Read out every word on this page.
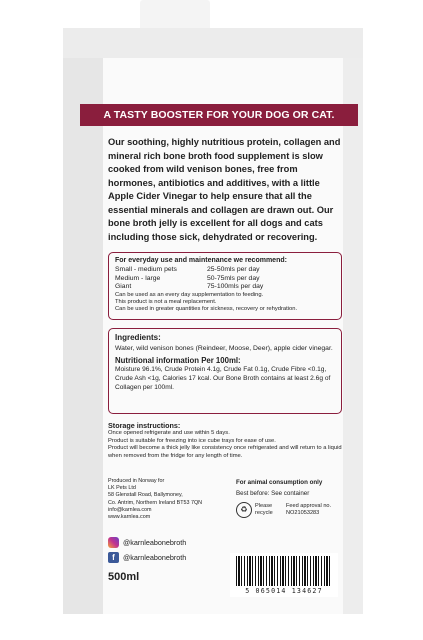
A TASTY BOOSTER FOR YOUR DOG OR CAT.
Our soothing, highly nutritious protein, collagen and mineral rich bone broth food supplement is slow cooked from wild venison bones, free from hormones, antibiotics and additives, with a little Apple Cider Vinegar to help ensure that all the essential minerals and collagen are drawn out. Our bone broth jelly is excellent for all dogs and cats including those sick, dehydrated or recovering.
For everyday use and maintenance we recommend:
Small - medium pets	25-50mls per day
Medium - large	50-75mls per day
Giant	75-100mls per day
Can be used as an every day supplementation to feeding.
This product is not a meal replacement.
Can be used in greater quantities for sickness, recovery or rehydration.
Ingredients:
Water, wild venison bones (Reindeer, Moose, Deer), apple cider vinegar.
Nutritional information Per 100ml:
Moisture 96.1%, Crude Protein 4.1g, Crude Fat 0.1g, Crude Fibre <0.1g, Crude Ash <1g, Calories 17 kcal. Our Bone Broth contains at least 2.6g of Collagen per 100ml.
Storage instructions:
Once opened refrigerate and use within 5 days.
Product is suitable for freezing into ice cube trays for ease of use.
Product will become a thick jelly like consistency once refrigerated and will return to a liquid when removed from the fridge for any length of time.
Produced in Norway for
LK Pets Ltd
58 Glenstall Road, Ballymoney,
Co. Antrim, Northern Ireland BT53 7QN
info@karnlea.com
www.karnlea.com
For animal consumption only
Best before: See container
♻	Please
recycle
Feed approval no.
NO21053283
@karnleabonebroth
f	@karnleabonebroth
500ml
5 065014 134627
